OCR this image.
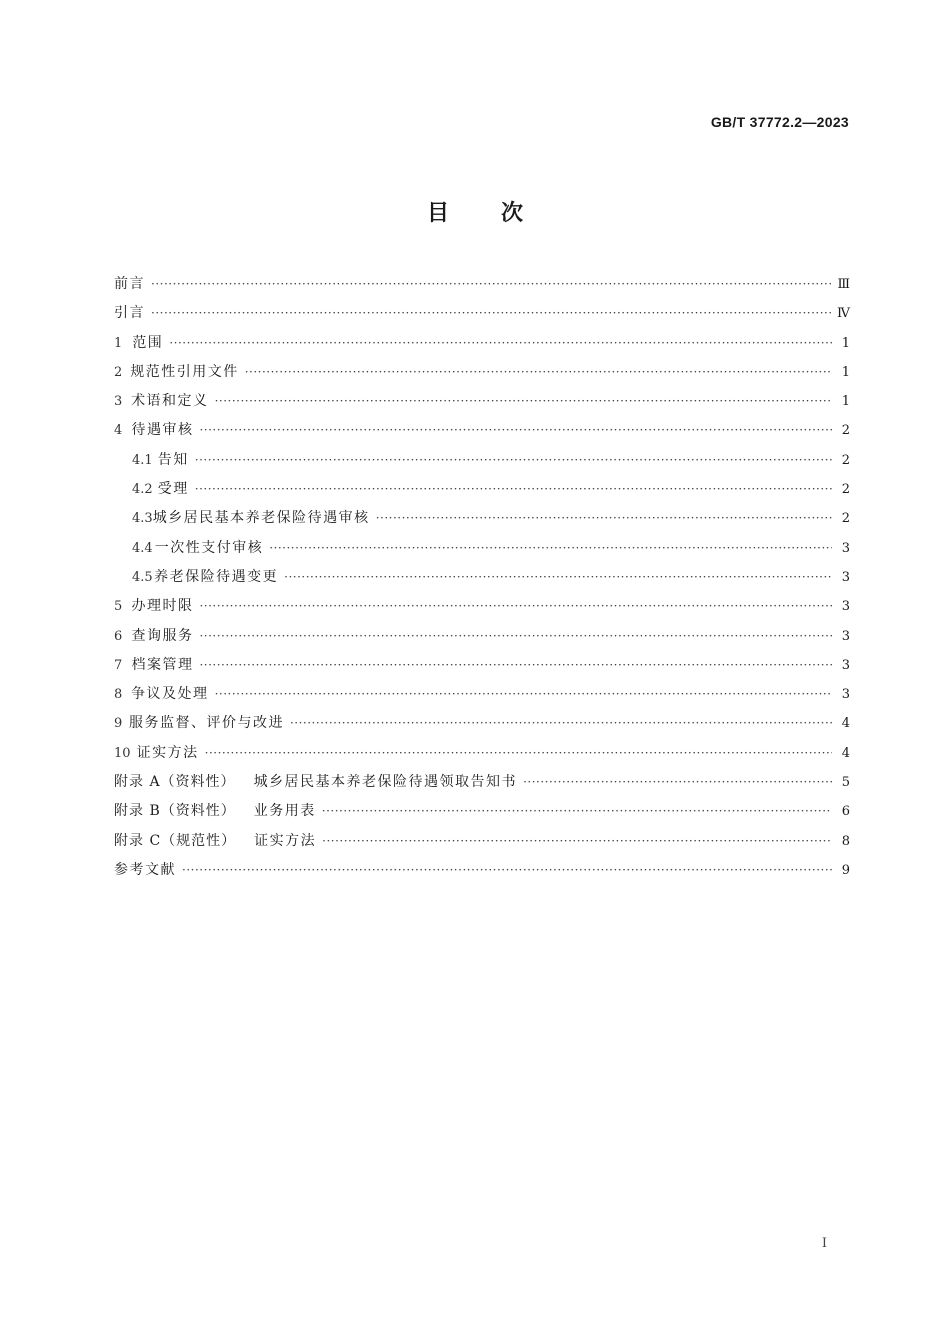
GB/T 37772.2—2023
目 次
前言 ·····	Ⅲ
引言 ·····	Ⅳ
1 范围 ·····	1
2 规范性引用文件 ·····	1
3 术语和定义 ·····	1
4 待遇审核 ·····	2
4.1 告知 ·····	2
4.2 受理 ·····	2
4.3 城乡居民基本养老保险待遇审核 ·····	2
4.4 一次性支付审核 ·····	3
4.5 养老保险待遇变更 ·····	3
5 办理时限 ·····	3
6 查询服务 ·····	3
7 档案管理 ·····	3
8 争议及处理 ·····	3
9 服务监督、评价与改进 ·····	4
10 证实方法 ·····	4
附录 A（资料性） 城乡居民基本养老保险待遇领取告知书 ·····	5
附录 B（资料性） 业务用表 ·····	6
附录 C（规范性） 证实方法 ·····	8
参考文献 ·····	9
I
